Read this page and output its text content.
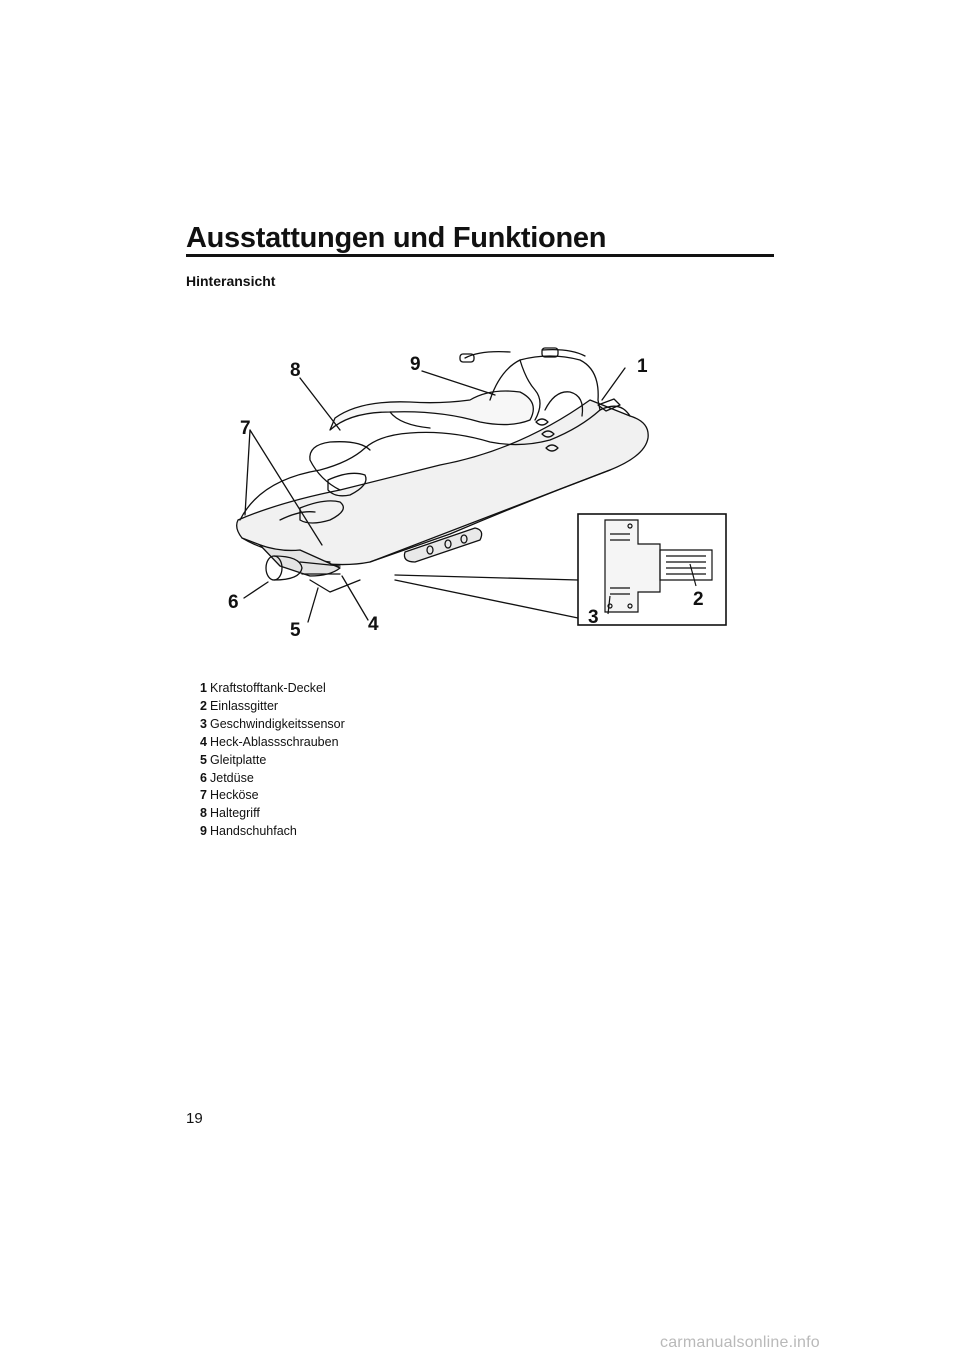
Ausstattungen und Funktionen
Hinteransicht
1
2
3
4
5
6
7
8	9
1 Kraftstofftank-Deckel
2 Einlassgitter
3 Geschwindigkeitssensor
4 Heck-Ablassschrauben
5 Gleitplatte
6 Jetdüse
7 Hecköse
8 Haltegriff
9 Handschuhfach
19
carmanualsonline.info
